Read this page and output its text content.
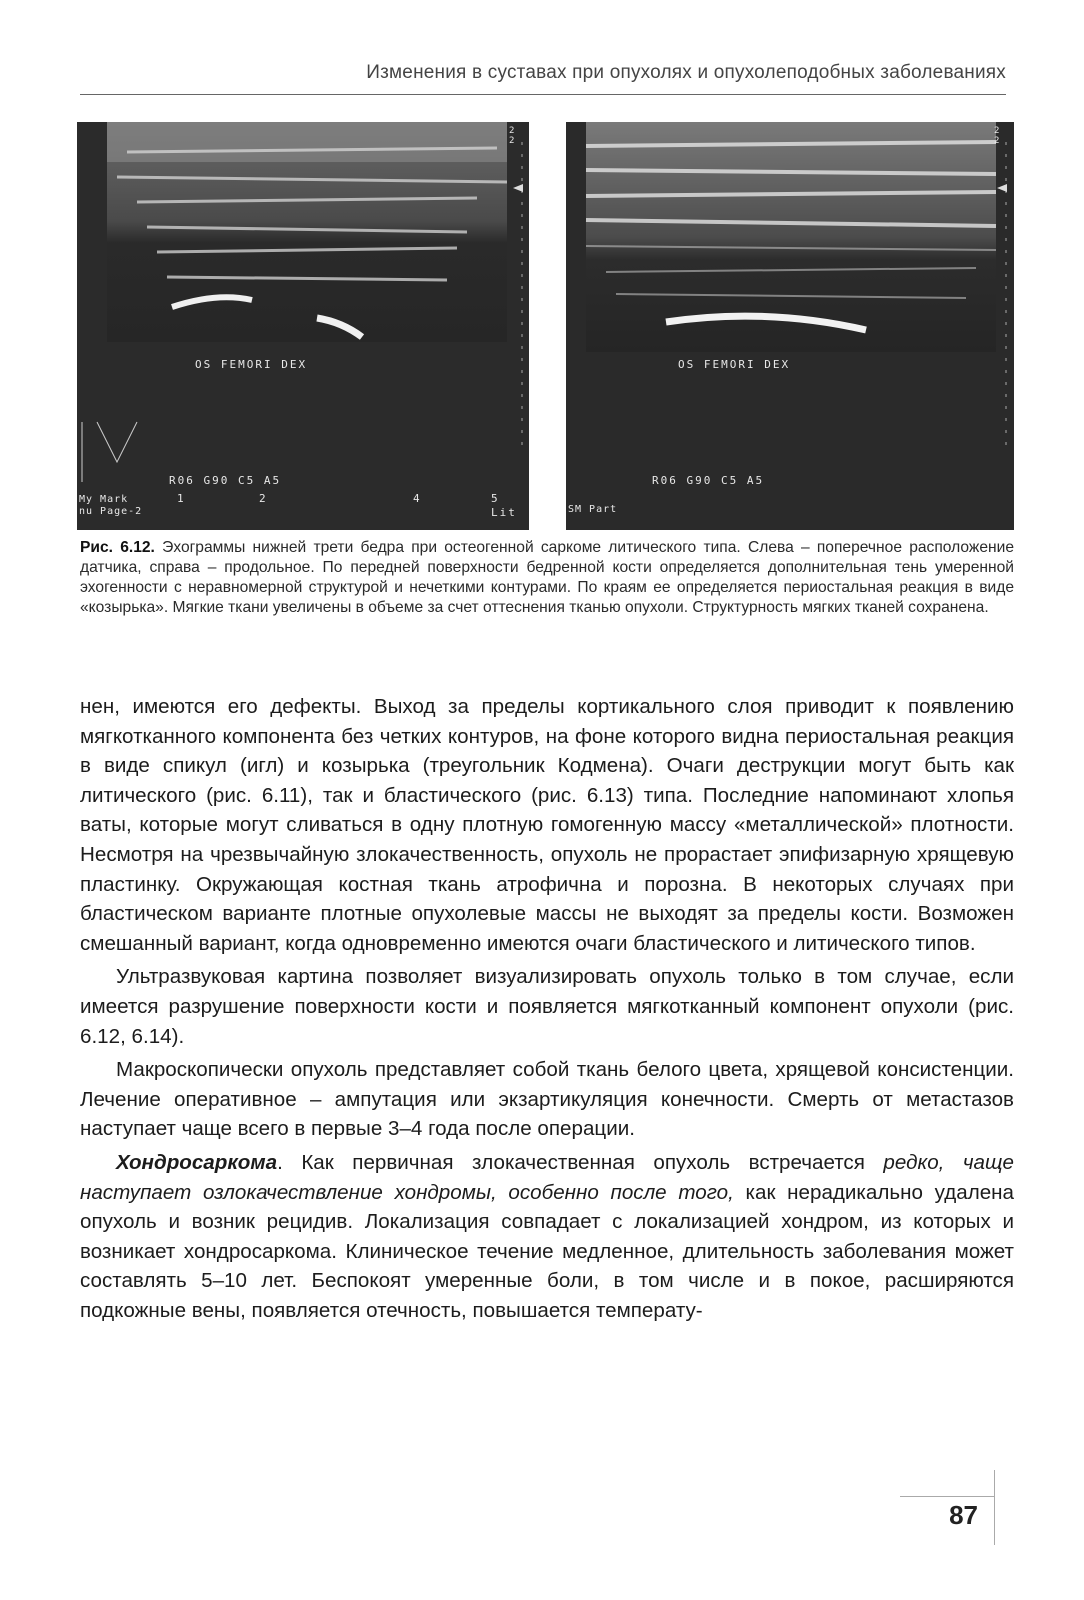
Изменения в суставах при опухолях и опухолеподобных заболеваниях
OS FEMORI DEX
R06 G90 C5 A5
My Mark
nu Page-2
1	2	4	5
Lit
2
2
OS FEMORI DEX
R06 G90 C5 A5
SM Part
2
2
Рис. 6.12. Эхограммы нижней трети бедра при остеогенной саркоме литического типа. Слева – поперечное расположение датчика, справа – продольное. По передней поверхности бедренной кости определяется дополнительная тень умеренной эхогенности с неравномерной структурой и нечеткими контурами. По краям ее определяется периостальная реакция в виде «козырька». Мягкие ткани увеличены в объеме за счет оттеснения тканью опухоли. Структурность мягких тканей сохранена.

нен, имеются его дефекты. Выход за пределы кортикального слоя приводит к появлению мягкотканного компонента без четких контуров, на фоне которого видна периостальная реакция в виде спикул (игл) и козырька (треугольник Кодмена). Очаги деструкции могут быть как литического (рис. 6.11), так и бластического (рис. 6.13) типа. Последние напоминают хлопья ваты, которые могут сливаться в одну плотную гомогенную массу «металлической» плотности. Несмотря на чрезвычайную злокачественность, опухоль не прорастает эпифизарную хрящевую пластинку. Окружающая костная ткань атрофична и порозна. В некоторых случаях при бластическом варианте плотные опухолевые массы не выходят за пределы кости. Возможен смешанный вариант, когда одновременно имеются очаги бластического и литического типов.

Ультразвуковая картина позволяет визуализировать опухоль только в том случае, если имеется разрушение поверхности кости и появляется мягкотканный компонент опухоли (рис. 6.12, 6.14).

Макроскопически опухоль представляет собой ткань белого цвета, хрящевой консистенции. Лечение оперативное – ампутация или экзартикуляция конечности. Смерть от метастазов наступает чаще всего в первые 3–4 года после операции.

Хондросаркома. Как первичная злокачественная опухоль встречается редко, чаще наступает озлокачествление хондромы, особенно после того, как нерадикально удалена опухоль и возник рецидив. Локализация совпадает с локализацией хондром, из которых и возникает хондросаркома. Клиническое течение медленное, длительность заболевания может составлять 5–10 лет. Беспокоят умеренные боли, в том числе и в покое, расширяются подкожные вены, появляется отечность, повышается температу-

87
